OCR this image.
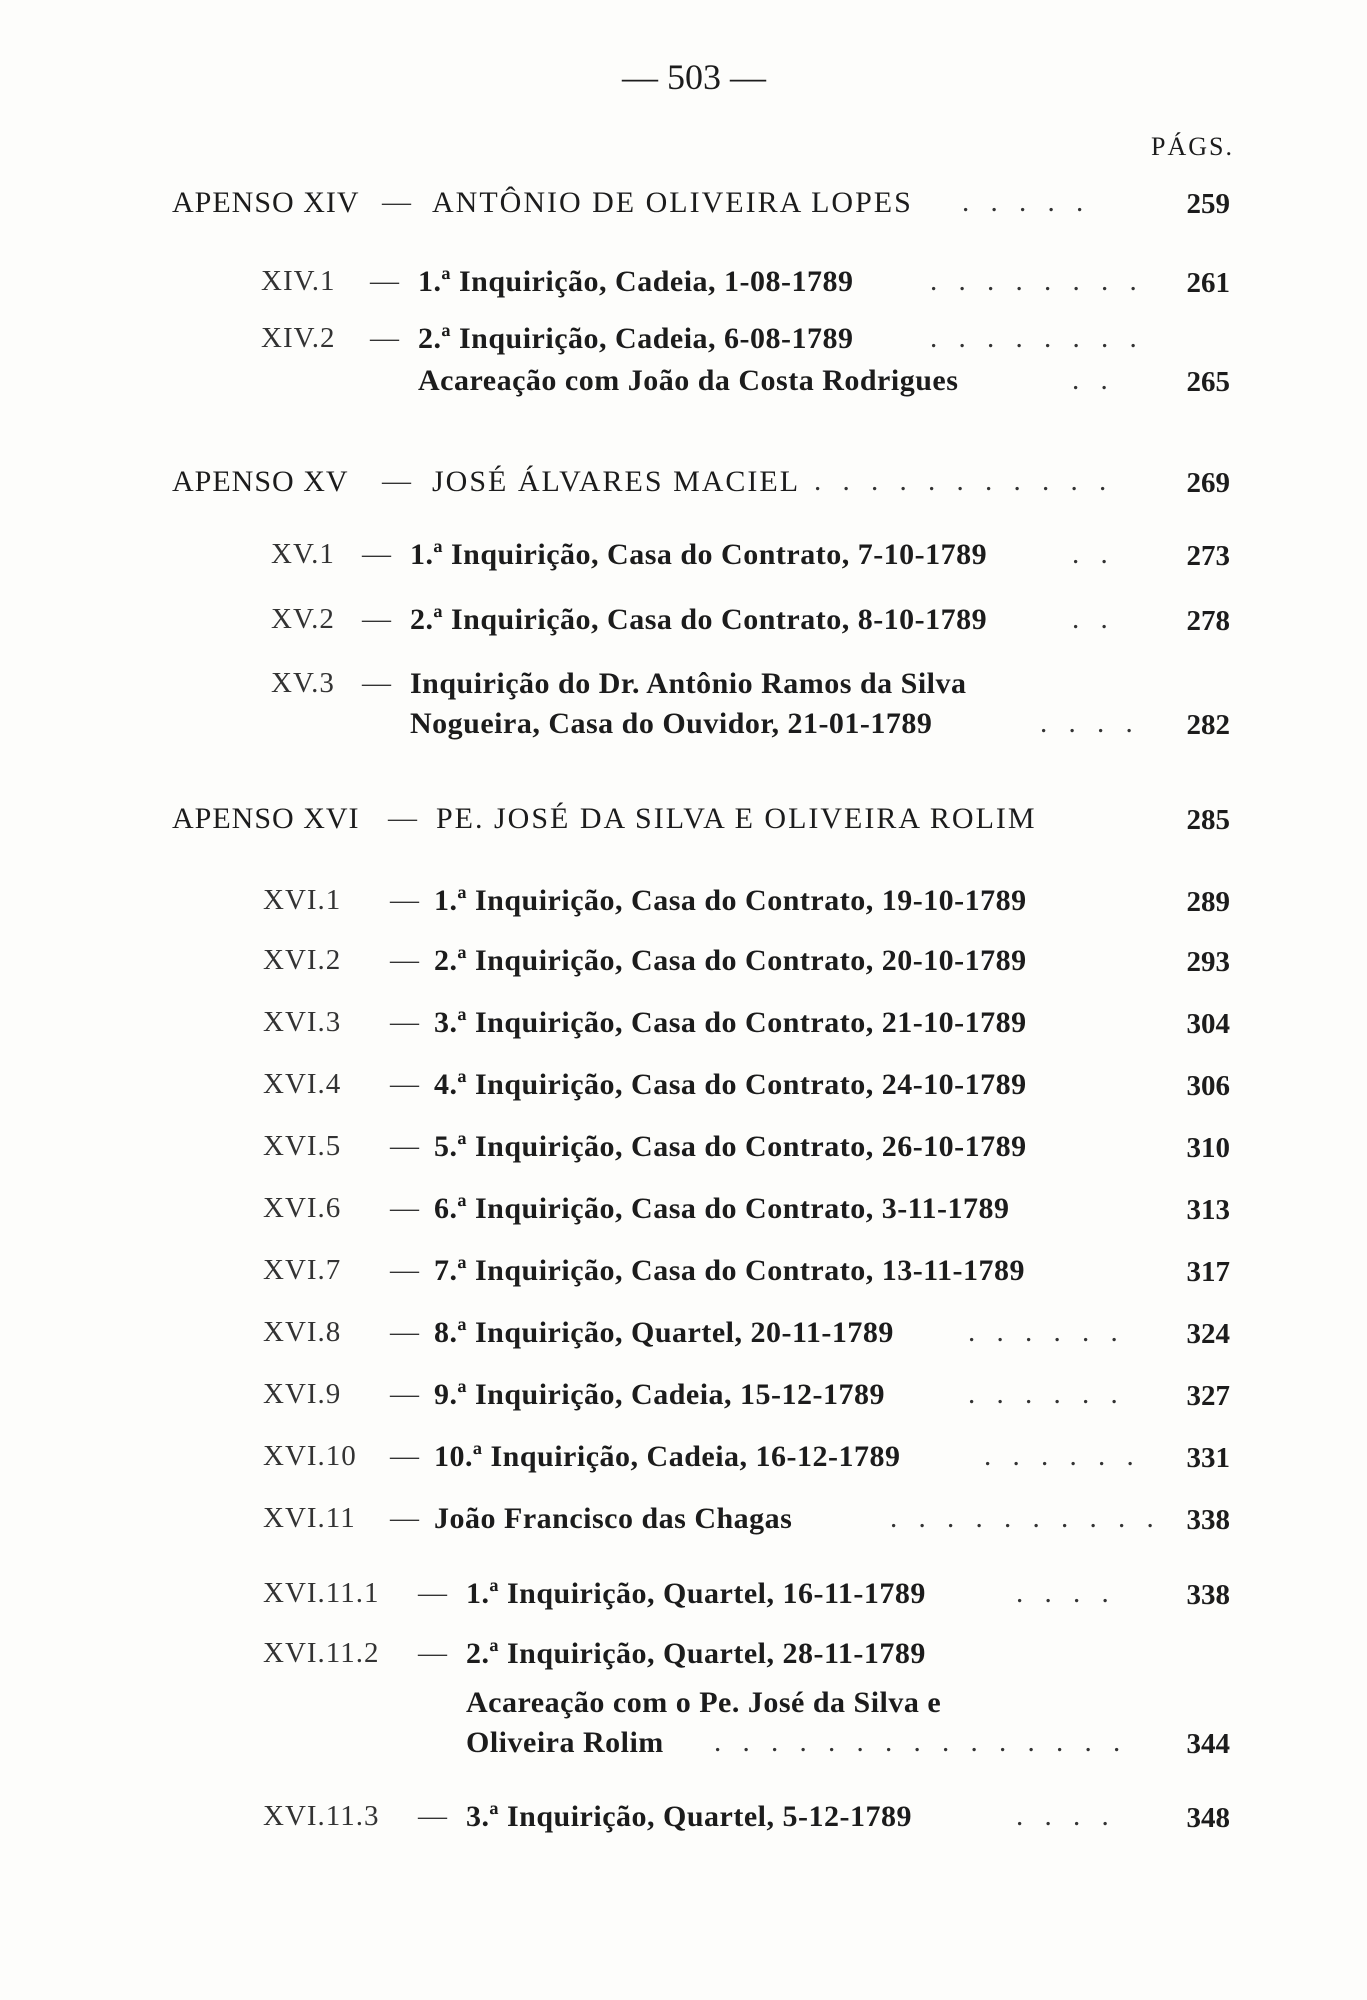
— 503 —
PÁGS.
APENSO XIV — ANTÔNIO DE OLIVEIRA LOPES . . . . .	259
XIV.1 — 1.ª Inquirição, Cadeia, 1-08-1789	. . . . . . . .	261
XIV.2 — 2.ª Inquirição, Cadeia, 6-08-1789	. . . . . . . .
Acareação com João da Costa Rodrigues	. .	265
APENSO XV — JOSÉ ÁLVARES MACIEL . . . . . . . . . . .	269
XV.1 — 1.ª Inquirição, Casa do Contrato, 7-10-1789	. .	273
XV.2 — 2.ª Inquirição, Casa do Contrato, 8-10-1789	. .	278
XV.3 — Inquirição do Dr. Antônio Ramos da Silva
Nogueira, Casa do Ouvidor, 21-01-1789	. . . .	282
APENSO XVI — PE. JOSÉ DA SILVA E OLIVEIRA ROLIM	285
XVI.1 — 1.ª Inquirição, Casa do Contrato, 19-10-1789	289
XVI.2 — 2.ª Inquirição, Casa do Contrato, 20-10-1789	293
XVI.3 — 3.ª Inquirição, Casa do Contrato, 21-10-1789	304
XVI.4 — 4.ª Inquirição, Casa do Contrato, 24-10-1789	306
XVI.5 — 5.ª Inquirição, Casa do Contrato, 26-10-1789	310
XVI.6 — 6.ª Inquirição, Casa do Contrato, 3-11-1789	313
XVI.7 — 7.ª Inquirição, Casa do Contrato, 13-11-1789	317
XVI.8 — 8.ª Inquirição, Quartel, 20-11-1789	. . . . . .	324
XVI.9 — 9.ª Inquirição, Cadeia, 15-12-1789	. . . . . .	327
XVI.10 — 10.ª Inquirição, Cadeia, 16-12-1789	. . . . . .	331
XVI.11 — João Francisco das Chagas	. . . . . . . . . . 338
XVI.11.1 — 1.ª Inquirição, Quartel, 16-11-1789	. . . .	338
XVI.11.2 — 2.ª Inquirição, Quartel, 28-11-1789
Acareação com o Pe. José da Silva e
Oliveira Rolim . . . . . . . . . . . . . . .	344
XVI.11.3 — 3.ª Inquirição, Quartel, 5-12-1789	. . . .	348
